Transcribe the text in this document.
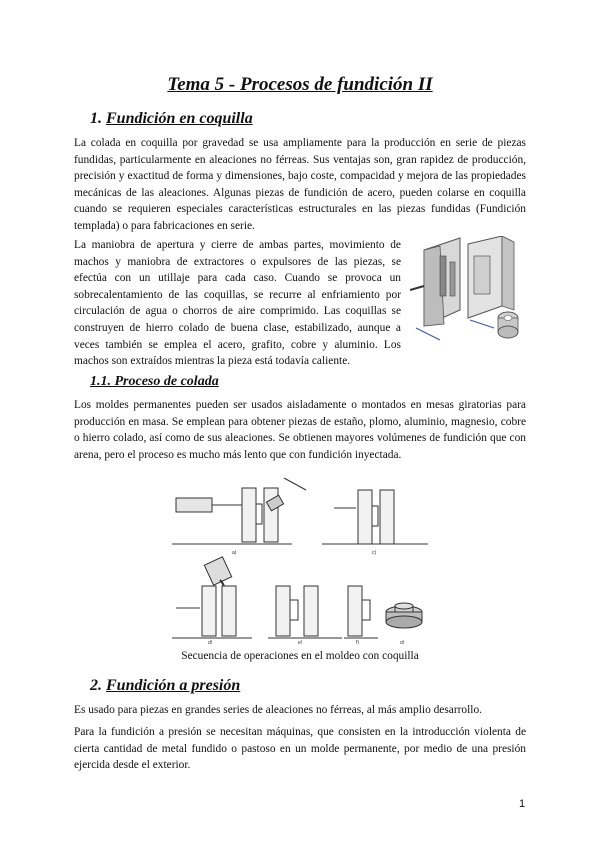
Tema 5 - Procesos de fundición II
1. Fundición en coquilla
La colada en coquilla por gravedad se usa ampliamente para la producción en serie de piezas fundidas, particularmente en aleaciones no férreas. Sus ventajas son, gran rapidez de producción, precisión y exactitud de forma y dimensiones, bajo coste, compacidad y mejora de las propiedades mecánicas de las aleaciones. Algunas piezas de fundición de acero, pueden colarse en coquilla cuando se requieren especiales características estructurales en las piezas fundidas (Fundición templada) o para fabricaciones en serie.
La maniobra de apertura y cierre de ambas partes, movimiento de machos y maniobra de extractores o expulsores de las piezas, se efectúa con un utillaje para cada caso. Cuando se provoca un sobrecalentamiento de las coquillas, se recurre al enfriamiento por circulación de agua o chorros de aire comprimido. Las coquillas se construyen de hierro colado de buena clase, estabilizado, aunque a veces también se emplea el acero, grafito, cobre y aluminio. Los machos son extraídos mientras la pieza está todavía caliente.
1.1. Proceso de colada
Los moldes permanentes pueden ser usados aisladamente o montados en mesas giratorias para producción en masa. Se emplean para obtener piezas de estaño, plomo, aluminio, magnesio, cobre o hierro colado, así como de sus aleaciones. Se obtienen mayores volúmenes de fundición que con arena, pero el proceso es mucho más lento que con fundición inyectada.
a)	c)
d)	e)	f)	g)
Secuencia de operaciones en el moldeo con coquilla
2. Fundición a presión
Es usado para piezas en grandes series de aleaciones no férreas, al más amplio desarrollo.
Para la fundición a presión se necesitan máquinas, que consisten en la introducción violenta de cierta cantidad de metal fundido o pastoso en un molde permanente, por medio de una presión ejercida desde el exterior.
1
